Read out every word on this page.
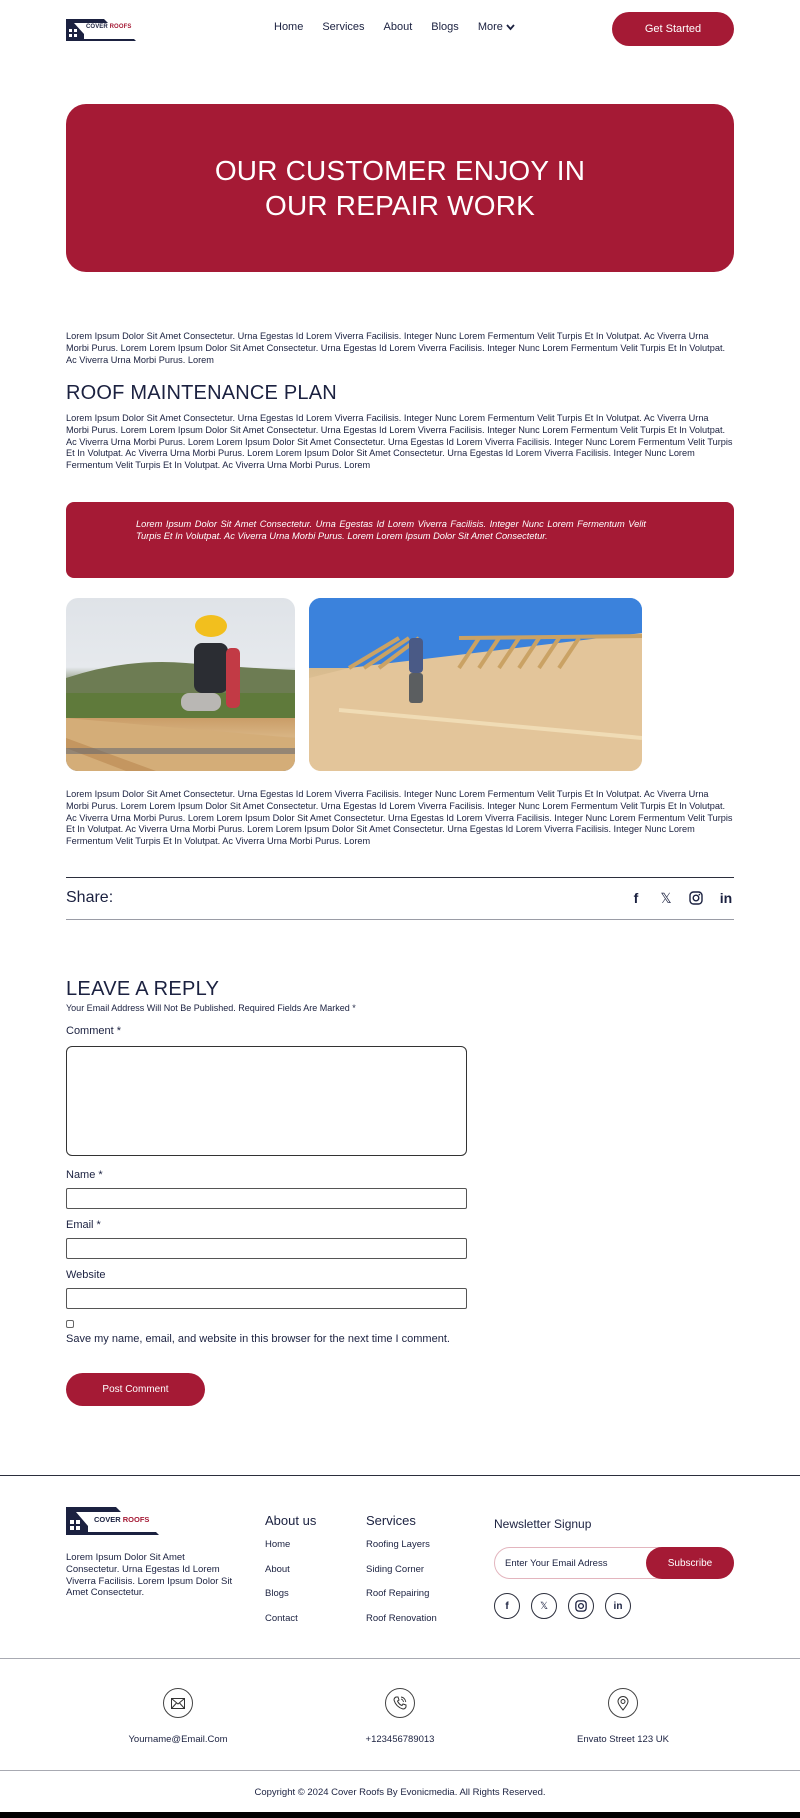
COVER ROOFS	Home Services About Blogs More	Get Started
OUR CUSTOMER ENJOY IN OUR REPAIR WORK

Lorem Ipsum Dolor Sit Amet Consectetur. Urna Egestas Id Lorem Viverra Facilisis. Integer Nunc Lorem Fermentum Velit Turpis Et In Volutpat. Ac Viverra Urna Morbi Purus. Lorem Lorem Ipsum Dolor Sit Amet Consectetur. Urna Egestas Id Lorem Viverra Facilisis. Integer Nunc Lorem Fermentum Velit Turpis Et In Volutpat. Ac Viverra Urna Morbi Purus. Lorem

ROOF MAINTENANCE PLAN

Lorem Ipsum Dolor Sit Amet Consectetur. Urna Egestas Id Lorem Viverra Facilisis. Integer Nunc Lorem Fermentum Velit Turpis Et In Volutpat. Ac Viverra Urna Morbi Purus. Lorem Lorem Ipsum Dolor Sit Amet Consectetur. Urna Egestas Id Lorem Viverra Facilisis. Integer Nunc Lorem Fermentum Velit Turpis Et In Volutpat. Ac Viverra Urna Morbi Purus. Lorem Lorem Ipsum Dolor Sit Amet Consectetur. Urna Egestas Id Lorem Viverra Facilisis. Integer Nunc Lorem Fermentum Velit Turpis Et In Volutpat. Ac Viverra Urna Morbi Purus. Lorem Lorem Ipsum Dolor Sit Amet Consectetur. Urna Egestas Id Lorem Viverra Facilisis. Integer Nunc Lorem Fermentum Velit Turpis Et In Volutpat. Ac Viverra Urna Morbi Purus. Lorem

Lorem Ipsum Dolor Sit Amet Consectetur. Urna Egestas Id Lorem Viverra Facilisis. Integer Nunc Lorem Fermentum Velit Turpis Et In Volutpat. Ac Viverra Urna Morbi Purus. Lorem Lorem Ipsum Dolor Sit Amet Consectetur.

Lorem Ipsum Dolor Sit Amet Consectetur. Urna Egestas Id Lorem Viverra Facilisis. Integer Nunc Lorem Fermentum Velit Turpis Et In Volutpat. Ac Viverra Urna Morbi Purus. Lorem Lorem Ipsum Dolor Sit Amet Consectetur. Urna Egestas Id Lorem Viverra Facilisis. Integer Nunc Lorem Fermentum Velit Turpis Et In Volutpat. Ac Viverra Urna Morbi Purus. Lorem Lorem Ipsum Dolor Sit Amet Consectetur. Urna Egestas Id Lorem Viverra Facilisis. Integer Nunc Lorem Fermentum Velit Turpis Et In Volutpat. Ac Viverra Urna Morbi Purus. Lorem Lorem Ipsum Dolor Sit Amet Consectetur. Urna Egestas Id Lorem Viverra Facilisis. Integer Nunc Lorem Fermentum Velit Turpis Et In Volutpat. Ac Viverra Urna Morbi Purus. Lorem

Share:	f	𝕏	in
LEAVE A REPLY

Your Email Address Will Not Be Published. Required Fields Are Marked *

Comment *
Name *
Email *
Website

Save my name, email, and website in this browser for the next time I comment.

Post Comment
COVER ROOFS

Lorem Ipsum Dolor Sit Amet Consectetur. Urna Egestas Id Lorem Viverra Facilisis. Lorem Ipsum Dolor Sit Amet Consectetur.

About us
Home
About
Blogs
Contact
Services
Roofing Layers
Siding Corner
Roof Repairing
Roof Renovation
Newsletter Signup
Enter Your Email Adress
Subscribe
f	𝕏	in
Yourname@Email.Com	+123456789013	Envato Street 123 UK

Copyright © 2024 Cover Roofs By Evonicmedia. All Rights Reserved.
